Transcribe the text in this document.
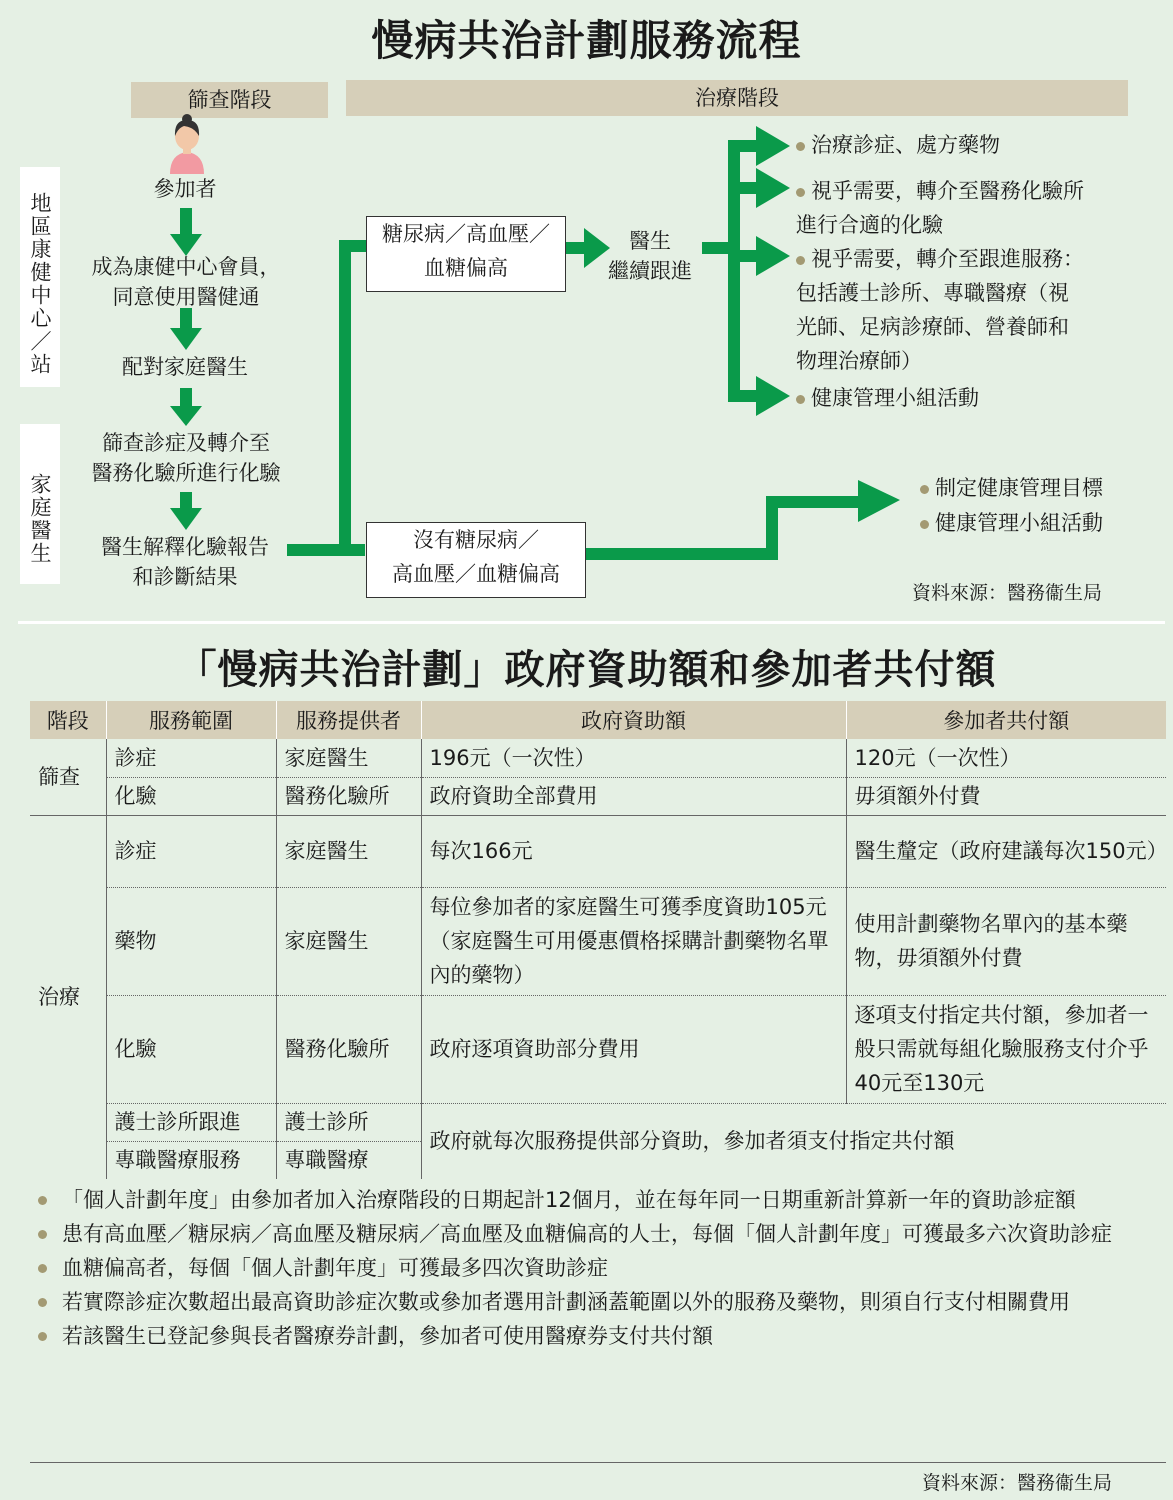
慢病共治計劃服務流程
篩查階段	治療階段
地區康健中心／站
家庭醫生
參加者
成為康健中心會員，
同意使用醫健通
配對家庭醫生
篩查診症及轉介至
醫務化驗所進行化驗
醫生解釋化驗報告
和診斷結果
糖尿病／高血壓／
血糖偏高
沒有糖尿病／
高血壓／血糖偏高
醫生
繼續跟進
治療診症、處方藥物
視乎需要，轉介至醫務化驗所
進行合適的化驗
視乎需要，轉介至跟進服務：
包括護士診所、專職醫療（視
光師、足病診療師、營養師和
物理治療師）
健康管理小組活動
制定健康管理目標
健康管理小組活動
資料來源：醫務衞生局
「慢病共治計劃」政府資助額和參加者共付額
階段	服務範圍	服務提供者	政府資助額	參加者共付額
篩查	診症	家庭醫生	196元（一次性）	120元（一次性）
	化驗	醫務化驗所	政府資助全部費用	毋須額外付費
治療	診症	家庭醫生	每次166元	醫生釐定（政府建議每次150元）
	藥物	家庭醫生	每位參加者的家庭醫生可獲季度資助105元（家庭醫生可用優惠價格採購計劃藥物名單內的藥物）	使用計劃藥物名單內的基本藥物，毋須額外付費
	化驗	醫務化驗所	政府逐項資助部分費用	逐項支付指定共付額，參加者一般只需就每組化驗服務支付介乎40元至130元
	護士診所跟進	護士診所	政府就每次服務提供部分資助，參加者須支付指定共付額	
	專職醫療服務	專職醫療		
「個人計劃年度」由參加者加入治療階段的日期起計12個月，並在每年同一日期重新計算新一年的資助診症額
患有高血壓／糖尿病／高血壓及糖尿病／高血壓及血糖偏高的人士，每個「個人計劃年度」可獲最多六次資助診症
血糖偏高者，每個「個人計劃年度」可獲最多四次資助診症
若實際診症次數超出最高資助診症次數或參加者選用計劃涵蓋範圍以外的服務及藥物，則須自行支付相關費用
若該醫生已登記參與長者醫療券計劃，參加者可使用醫療券支付共付額
資料來源：醫務衞生局
